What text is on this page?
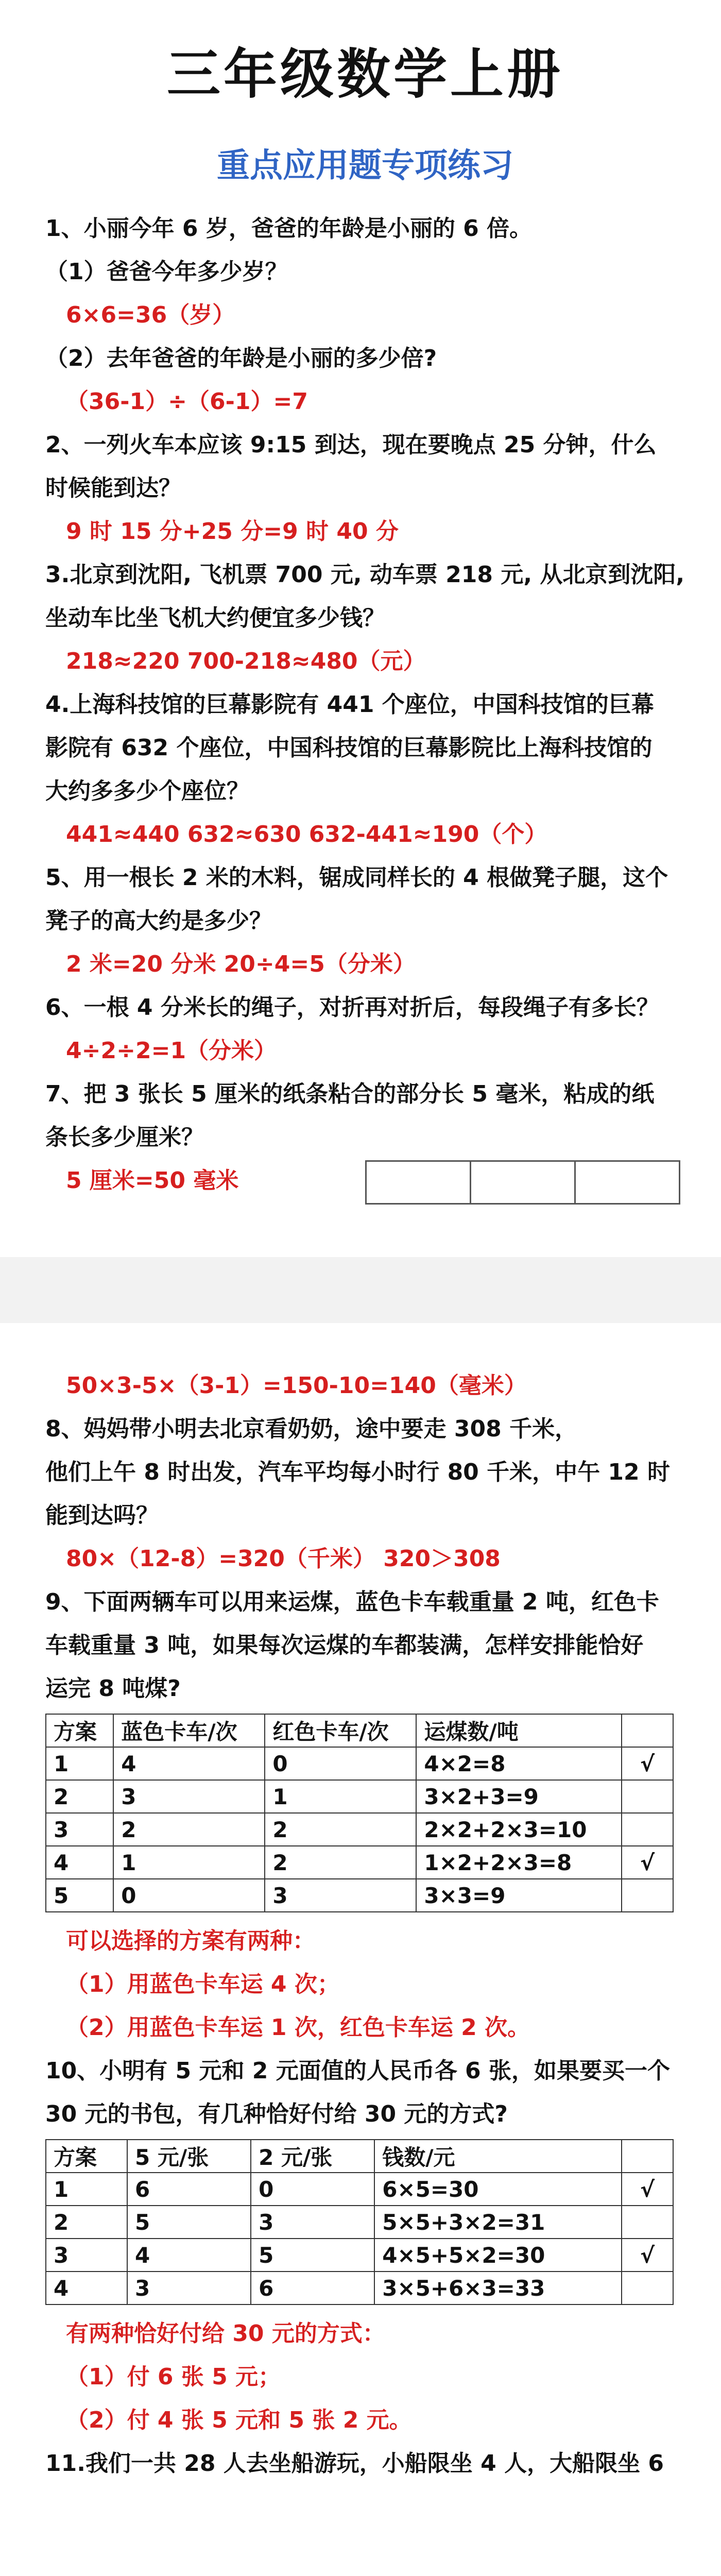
三年级数学上册
重点应用题专项练习

1、小丽今年 6 岁，爸爸的年龄是小丽的 6 倍。

（1）爸爸今年多少岁？

6×6=36（岁）

（2）去年爸爸的年龄是小丽的多少倍?

（36-1）÷（6-1）=7

2、一列火车本应该 9:15 到达，现在要晚点 25 分钟，什么

时候能到达？

9 时 15 分+25 分=9 时 40 分

3.北京到沈阳, 飞机票 700 元, 动车票 218 元, 从北京到沈阳,

坐动车比坐飞机大约便宜多少钱？

218≈220 700-218≈480（元）

4.上海科技馆的巨幕影院有 441 个座位，中国科技馆的巨幕

影院有 632 个座位，中国科技馆的巨幕影院比上海科技馆的

大约多多少个座位？

441≈440 632≈630 632-441≈190（个）

5、用一根长 2 米的木料，锯成同样长的 4 根做凳子腿，这个

凳子的高大约是多少？

2 米=20 分米 20÷4=5（分米）

6、一根 4 分米长的绳子，对折再对折后，每段绳子有多长？

4÷2÷2=1（分米）

7、把 3 张长 5 厘米的纸条粘合的部分长 5 毫米，粘成的纸

条长多少厘米？

5 厘米=50 毫米

50×3-5×（3-1）=150-10=140（毫米）

8、妈妈带小明去北京看奶奶，途中要走 308 千米，

他们上午 8 时出发，汽车平均每小时行 80 千米，中午 12 时

能到达吗？

80×（12-8）=320（千米） 320＞308

9、下面两辆车可以用来运煤，蓝色卡车载重量 2 吨，红色卡

车载重量 3 吨，如果每次运煤的车都装满，怎样安排能恰好

运完 8 吨煤?

方案	蓝色卡车/次	红色卡车/次	运煤数/吨	
1	4	0	4×2=8	√
2	3	1	3×2+3=9	
3	2	2	2×2+2×3=10	
4	1	2	1×2+2×3=8	√
5	0	3	3×3=9	

可以选择的方案有两种：

（1）用蓝色卡车运 4 次；

（2）用蓝色卡车运 1 次，红色卡车运 2 次。

10、小明有 5 元和 2 元面值的人民币各 6 张，如果要买一个

30 元的书包，有几种恰好付给 30 元的方式?

方案	5 元/张	2 元/张	钱数/元	
1	6	0	6×5=30	√
2	5	3	5×5+3×2=31	
3	4	5	4×5+5×2=30	√
4	3	6	3×5+6×3=33	

有两种恰好付给 30 元的方式：

（1）付 6 张 5 元；

（2）付 4 张 5 元和 5 张 2 元。

11.我们一共 28 人去坐船游玩，小船限坐 4 人，大船限坐 6
